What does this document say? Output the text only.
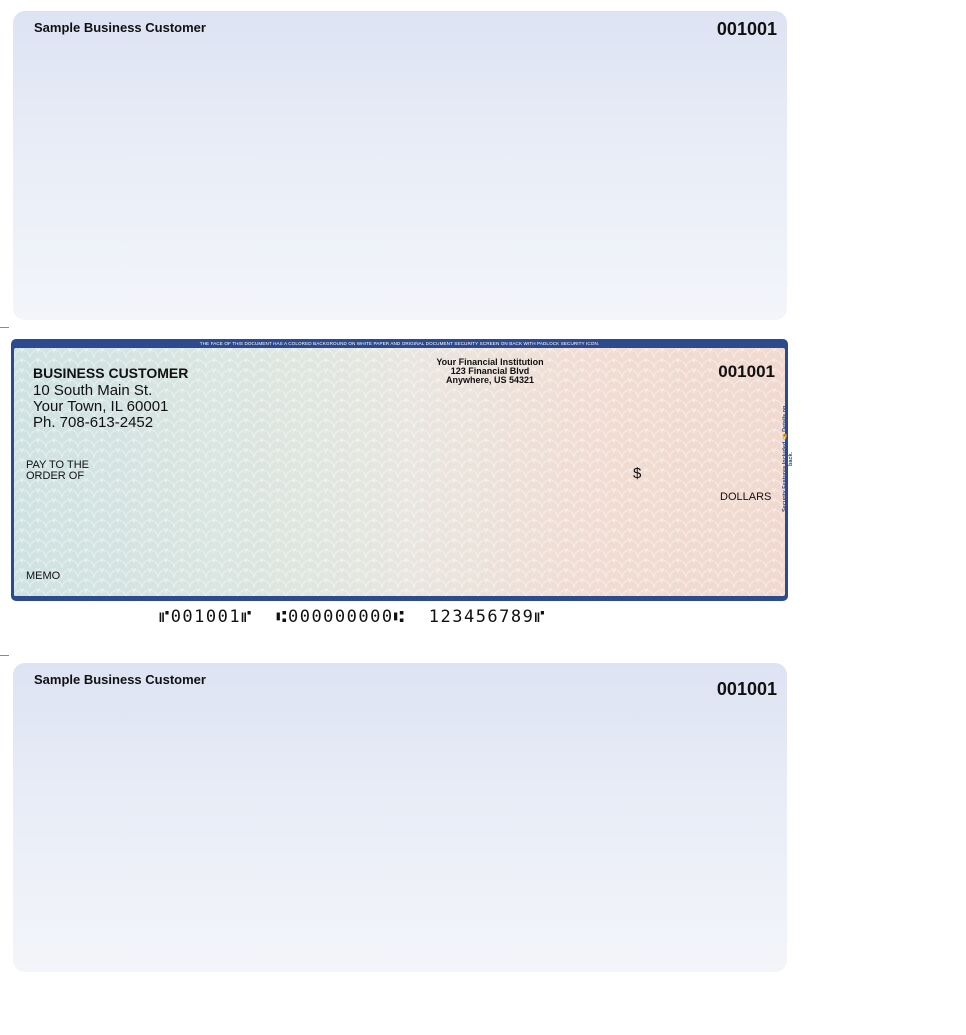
Sample Business Customer	001001
THE FACE OF THIS DOCUMENT HAS A COLORED BACKGROUND ON WHITE PAPER AND ORIGINAL DOCUMENT SECURITY SCREEN ON BACK WITH PADLOCK SECURITY ICON.
BUSINESS CUSTOMER
10 South Main St.
Your Town, IL 60001
Ph. 708-613-2452
Your Financial Institution
123 Financial Blvd
Anywhere, US 54321	001001
PAY TO THE
ORDER OF	$
DOLLARS
MEMO
Security Features Included 🔒 Details on back.
⑈001001⑈  ⑆000000000⑆  123456789⑈
Sample Business Customer	001001
